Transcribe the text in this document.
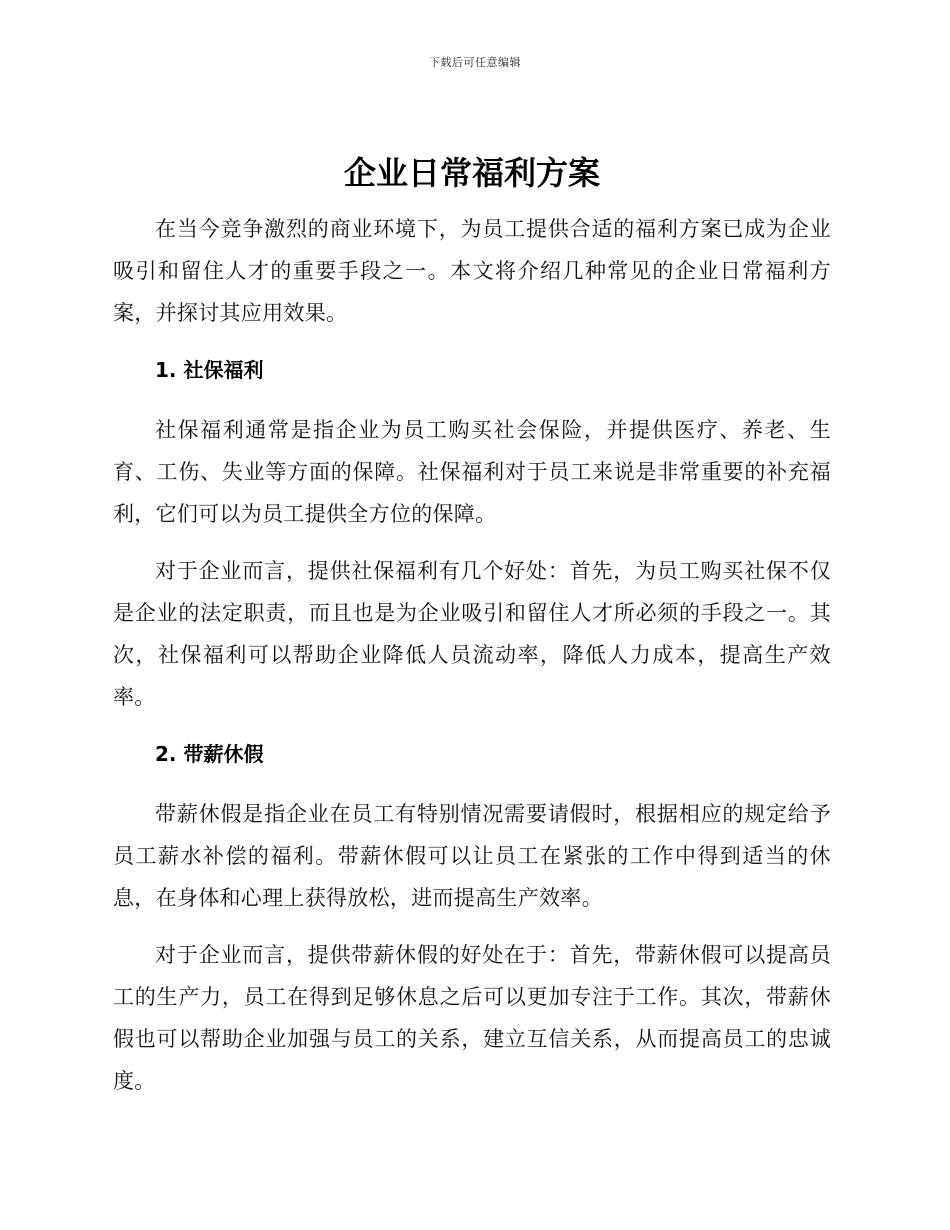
下载后可任意编辑
企业日常福利方案

在当今竞争激烈的商业环境下，为员工提供合适的福利方案已成为企业吸引和留住人才的重要手段之一。本文将介绍几种常见的企业日常福利方案，并探讨其应用效果。

1. 社保福利

社保福利通常是指企业为员工购买社会保险，并提供医疗、养老、生育、工伤、失业等方面的保障。社保福利对于员工来说是非常重要的补充福利，它们可以为员工提供全方位的保障。

对于企业而言，提供社保福利有几个好处：首先，为员工购买社保不仅是企业的法定职责，而且也是为企业吸引和留住人才所必须的手段之一。其次，社保福利可以帮助企业降低人员流动率，降低人力成本，提高生产效率。

2. 带薪休假

带薪休假是指企业在员工有特别情况需要请假时，根据相应的规定给予员工薪水补偿的福利。带薪休假可以让员工在紧张的工作中得到适当的休息，在身体和心理上获得放松，进而提高生产效率。

对于企业而言，提供带薪休假的好处在于：首先，带薪休假可以提高员工的生产力，员工在得到足够休息之后可以更加专注于工作。其次，带薪休假也可以帮助企业加强与员工的关系，建立互信关系，从而提高员工的忠诚度。
